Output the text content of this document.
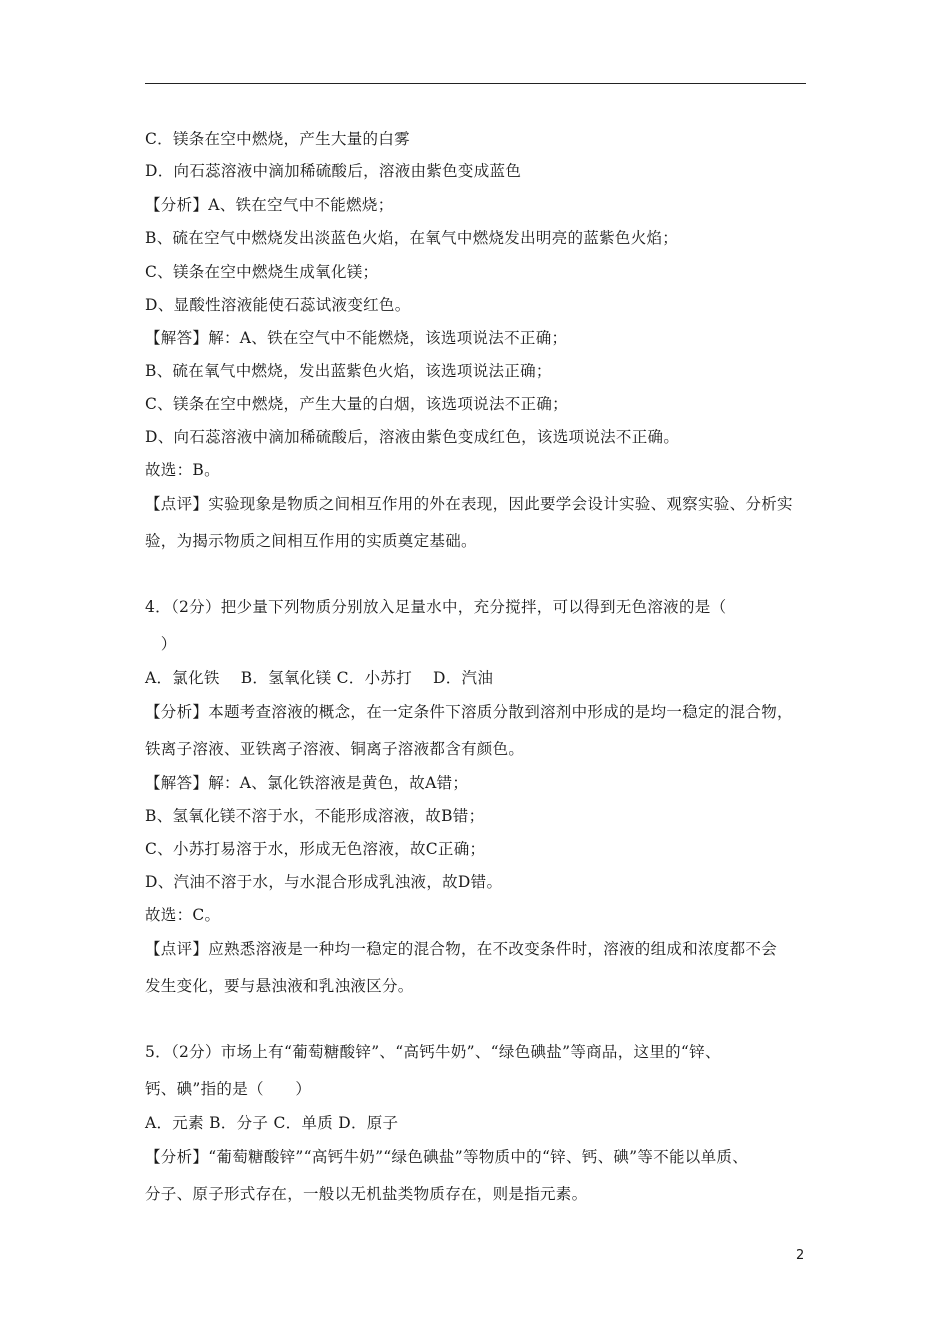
C．镁条在空中燃烧，产生大量的白雾
D．向石蕊溶液中滴加稀硫酸后，溶液由紫色变成蓝色
【分析】A、铁在空气中不能燃烧；
B、硫在空气中燃烧发出淡蓝色火焰，在氧气中燃烧发出明亮的蓝紫色火焰；
C、镁条在空中燃烧生成氧化镁；
D、显酸性溶液能使石蕊试液变红色。
【解答】解：A、铁在空气中不能燃烧，该选项说法不正确；
B、硫在氧气中燃烧，发出蓝紫色火焰，该选项说法正确；
C、镁条在空中燃烧，产生大量的白烟，该选项说法不正确；
D、向石蕊溶液中滴加稀硫酸后，溶液由紫色变成红色，该选项说法不正确。
故选：B。
【点评】实验现象是物质之间相互作用的外在表现，因此要学会设计实验、观察实验、分析实
验，为揭示物质之间相互作用的实质奠定基础。
4．（2分）把少量下列物质分别放入足量水中，充分搅拌，可以得到无色溶液的是（
　）
A．氯化铁　 B．氢氧化镁 C．小苏打　 D．汽油
【分析】本题考查溶液的概念，在一定条件下溶质分散到溶剂中形成的是均一稳定的混合物，
铁离子溶液、亚铁离子溶液、铜离子溶液都含有颜色。
【解答】解：A、氯化铁溶液是黄色，故A错；
B、氢氧化镁不溶于水，不能形成溶液，故B错；
C、小苏打易溶于水，形成无色溶液，故C正确；
D、汽油不溶于水，与水混合形成乳浊液，故D错。
故选：C。
【点评】应熟悉溶液是一种均一稳定的混合物，在不改变条件时，溶液的组成和浓度都不会
发生变化，要与悬浊液和乳浊液区分。
5．（2分）市场上有“葡萄糖酸锌”、“高钙牛奶”、“绿色碘盐”等商品，这里的“锌、
钙、碘”指的是（　　）
A．元素 B．分子 C．单质 D．原子
【分析】“葡萄糖酸锌”“高钙牛奶”“绿色碘盐”等物质中的“锌、钙、碘”等不能以单质、
分子、原子形式存在，一般以无机盐类物质存在，则是指元素。
2
